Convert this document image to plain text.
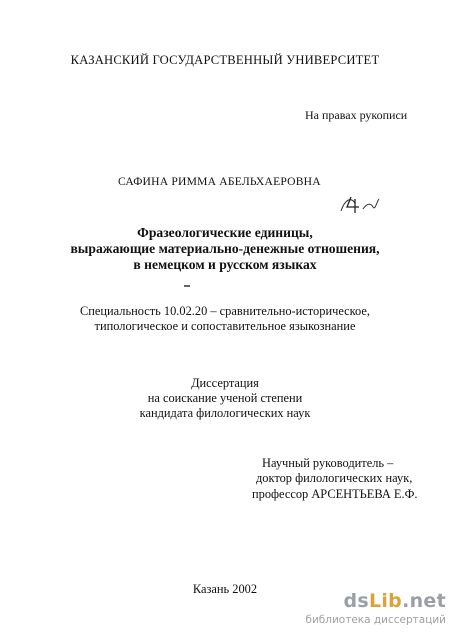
КАЗАНСКИЙ ГОСУДАРСТВЕННЫЙ УНИВЕРСИТЕТ
На правах рукописи
САФИНА РИММА АБЕЛЬХАЕРОВНА
Фразеологические единицы,
выражающие материально-денежные отношения,
в немецком и русском языках
Специальность 10.02.20 – сравнительно-историческое,
типологическое и сопоставительное языкознание
Диссертация
на соискание ученой степени
кандидата филологических наук
Научный руководитель –
доктор филологических наук,
профессор АРСЕНТЬЕВА Е.Ф.
Казань 2002
dsLib.net
библиотека диссертаций
